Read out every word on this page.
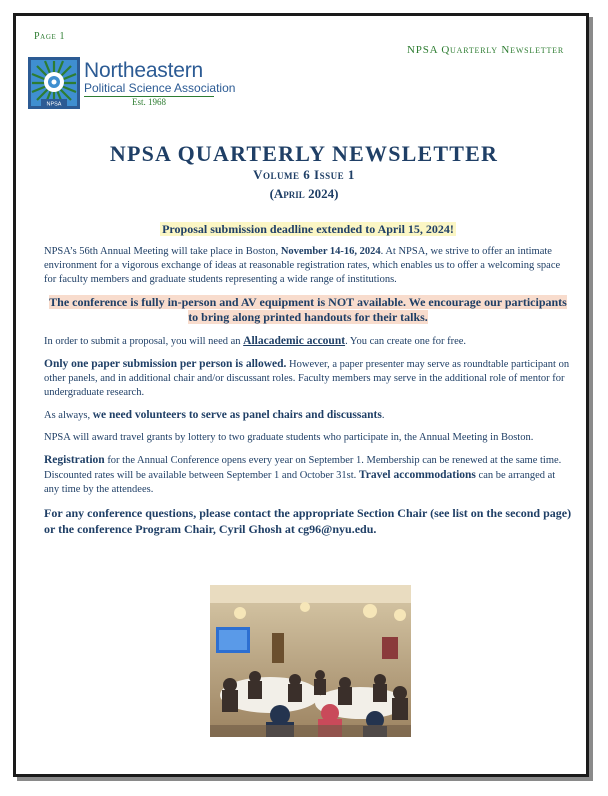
Page 1
NPSA Quarterly Newsletter
NPSA
Northeastern
Political Science Association
Est. 1968
NPSA QUARTERLY NEWSLETTER
Volume 6 Issue 1
(April 2024)
Proposal submission deadline extended to April 15, 2024!

NPSA’s 56th Annual Meeting will take place in Boston, November 14-16, 2024. At NPSA, we strive to offer an intimate environment for a vigorous exchange of ideas at reasonable registration rates, which enables us to offer a welcoming space for faculty members and graduate students representing a wide range of institutions.

The conference is fully in-person and AV equipment is NOT available. We encourage our participants to bring along printed handouts for their talks.

In order to submit a proposal, you will need an Allacademic account. You can create one for free.

Only one paper submission per person is allowed. However, a paper presenter may serve as roundtable participant on other panels, and in additional chair and/or discussant roles. Faculty members may serve in the additional role of mentor for undergraduate research.

As always, we need volunteers to serve as panel chairs and discussants.

NPSA will award travel grants by lottery to two graduate students who participate in, the Annual Meeting in Boston.

Registration for the Annual Conference opens every year on September 1. Membership can be renewed at the same time. Discounted rates will be available between September 1 and October 31st. Travel accommodations can be arranged at any time by the attendees.

For any conference questions, please contact the appropriate Section Chair (see list on the second page) or the conference Program Chair, Cyril Ghosh at cg96@nyu.edu.
